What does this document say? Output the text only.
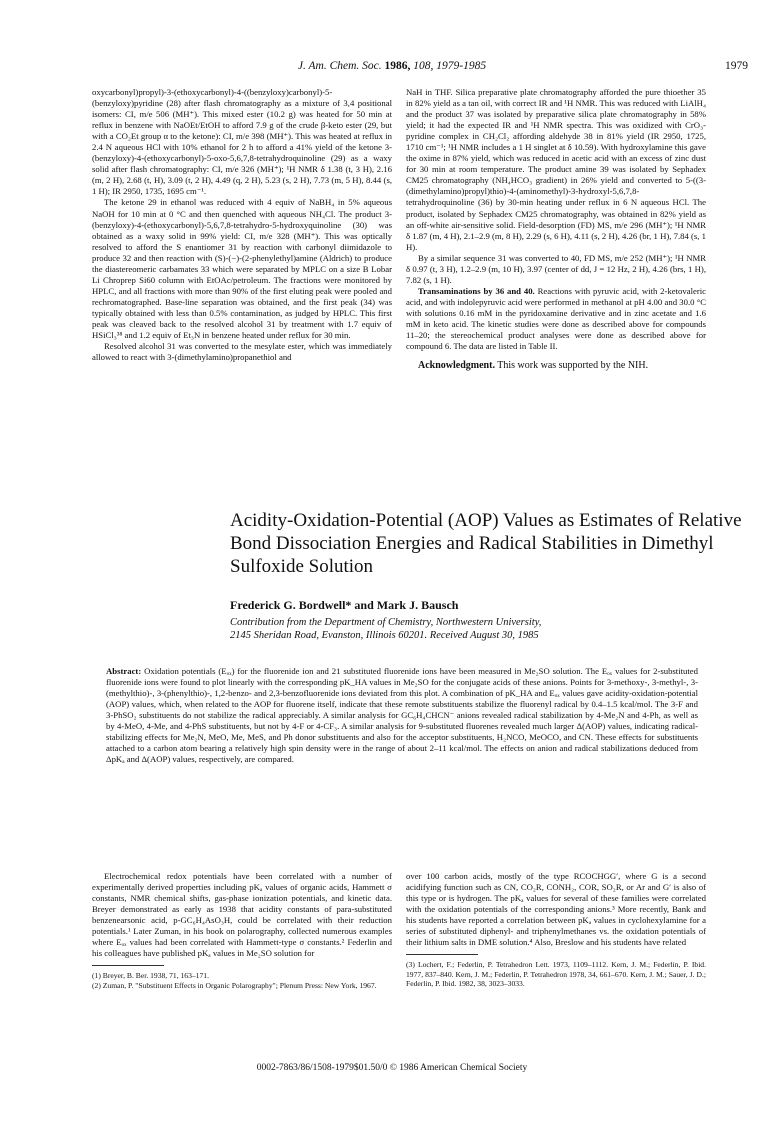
J. Am. Chem. Soc. 1986, 108, 1979-1985	1979

oxycarbonyl)propyl)-3-(ethoxycarbonyl)-4-((benzyloxy)carbonyl)-5-(benzyloxy)pyridine (28) after flash chromatography as a mixture of 3,4 positional isomers: CI, m/e 506 (MH⁺). This mixed ester (10.2 g) was heated for 50 min at reflux in benzene with NaOEt/EtOH to afford 7.9 g of the crude β-keto ester (29, but with a CO₂Et group α to the ketone): CI, m/e 398 (MH⁺). This was heated at reflux in 2.4 N aqueous HCl with 10% ethanol for 2 h to afford a 41% yield of the ketone 3-(benzyloxy)-4-(ethoxycarbonyl)-5-oxo-5,6,7,8-tetrahydroquinoline (29) as a waxy solid after flash chromatography: CI, m/e 326 (MH⁺); ¹H NMR δ 1.38 (t, 3 H), 2.16 (m, 2 H), 2.68 (t, H), 3.09 (t, 2 H), 4.49 (q, 2 H), 5.23 (s, 2 H), 7.73 (m, 5 H), 8.44 (s, 1 H); IR 2950, 1735, 1695 cm⁻¹.

The ketone 29 in ethanol was reduced with 4 equiv of NaBH₄ in 5% aqueous NaOH for 10 min at 0 °C and then quenched with aqueous NH₄Cl. The product 3-(benzyloxy)-4-(ethoxycarbonyl)-5,6,7,8-tetrahydro-5-hydroxyquinoline (30) was obtained as a waxy solid in 99% yield: CI, m/e 328 (MH⁺). This was optically resolved to afford the S enantiomer 31 by reaction with carbonyl diimidazole to produce 32 and then reaction with (S)-(−)-(2-phenylethyl)amine (Aldrich) to produce the diastereomeric carbamates 33 which were separated by MPLC on a size B Lobar Li Chroprep Si60 column with EtOAc/petroleum. The fractions were monitored by HPLC, and all fractions with more than 90% of the first eluting peak were pooled and rechromatographed. Base-line separation was obtained, and the first peak (34) was typically obtained with less than 0.5% contamination, as judged by HPLC. This first peak was cleaved back to the resolved alcohol 31 by treatment with 1.7 equiv of HSiCl₃³⁸ and 1.2 equiv of Et₃N in benzene heated under reflux for 30 min.

Resolved alcohol 31 was converted to the mesylate ester, which was immediately allowed to react with 3-(dimethylamino)propanethiol and

NaH in THF. Silica preparative plate chromatography afforded the pure thioether 35 in 82% yield as a tan oil, with correct IR and ¹H NMR. This was reduced with LiAlH₄ and the product 37 was isolated by preparative silica plate chromatography in 58% yield; it had the expected IR and ¹H NMR spectra. This was oxidized with CrO₃-pyridine complex in CH₂Cl₂ affording aldehyde 38 in 81% yield (IR 2950, 1725, 1710 cm⁻¹; ¹H NMR includes a 1 H singlet at δ 10.59). With hydroxylamine this gave the oxime in 87% yield, which was reduced in acetic acid with an excess of zinc dust for 30 min at room temperature. The product amine 39 was isolated by Sephadex CM25 chromatography (NH₄HCO₃ gradient) in 26% yield and converted to 5-((3-(dimethylamino)propyl)thio)-4-(aminomethyl)-3-hydroxyl-5,6,7,8-tetrahydroquinoline (36) by 30-min heating under reflux in 6 N aqueous HCl. The product, isolated by Sephadex CM25 chromatography, was obtained in 82% yield as an off-white air-sensitive solid. Field-desorption (FD) MS, m/e 296 (MH⁺); ¹H NMR δ 1.87 (m, 4 H), 2.1–2.9 (m, 8 H), 2.29 (s, 6 H), 4.11 (s, 2 H), 4.26 (br, 1 H), 7.84 (s, 1 H).

By a similar sequence 31 was converted to 40, FD MS, m/e 252 (MH⁺); ¹H NMR δ 0.97 (t, 3 H), 1.2–2.9 (m, 10 H), 3.97 (center of dd, J = 12 Hz, 2 H), 4.26 (brs, 1 H), 7.82 (s, 1 H).

Transaminations by 36 and 40. Reactions with pyruvic acid, with 2-ketovaleric acid, and with indolepyruvic acid were performed in methanol at pH 4.00 and 30.0 °C with solutions 0.16 mM in the pyridoxamine derivative and in zinc acetate and 1.6 mM in keto acid. The kinetic studies were done as described above for compounds 11–20; the stereochemical product analyses were done as described above for compound 6. The data are listed in Table II.

Acknowledgment. This work was supported by the NIH.

Acidity-Oxidation-Potential (AOP) Values as Estimates of Relative Bond Dissociation Energies and Radical Stabilities in Dimethyl Sulfoxide Solution
Frederick G. Bordwell* and Mark J. Bausch
Contribution from the Department of Chemistry, Northwestern University,
2145 Sheridan Road, Evanston, Illinois 60201. Received August 30, 1985
Abstract: Oxidation potentials (Eₒₓ) for the fluorenide ion and 21 substituted fluorenide ions have been measured in Me₂SO solution. The Eₒₓ values for 2-substituted fluorenide ions were found to plot linearly with the corresponding pK_HA values in Me₂SO for the conjugate acids of these anions. Points for 3-methoxy-, 3-methyl-, 3-(methylthio)-, 3-(phenylthio)-, 1,2-benzo- and 2,3-benzofluorenide ions deviated from this plot. A combination of pK_HA and Eₒₓ values gave acidity-oxidation-potential (AOP) values, which, when related to the AOP for fluorene itself, indicate that these remote substituents stabilize the fluorenyl radical by 0.4–1.5 kcal/mol. The 3-F and 3-PhSO₂ substituents do not stabilize the radical appreciably. A similar analysis for GC₆H₄CHCN⁻ anions revealed radical stabilization by 4-Me₂N and 4-Ph, as well as by 4-MeO, 4-Me, and 4-PhS substituents, but not by 4-F or 4-CF₃. A similar analysis for 9-substituted fluorenes revealed much larger Δ(AOP) values, indicating radical-stabilizing effects for Me₂N, MeO, Me, MeS, and Ph donor substituents and also for the acceptor substituents, H₂NCO, MeOCO, and CN. These effects for substituents attached to a carbon atom bearing a relatively high spin density were in the range of about 2–11 kcal/mol. The effects on anion and radical stabilizations deduced from ΔpKₐ and Δ(AOP) values, respectively, are compared.

Electrochemical redox potentials have been correlated with a number of experimentally derived properties including pKₐ values of organic acids, Hammett σ constants, NMR chemical shifts, gas-phase ionization potentials, and kinetic data. Breyer demonstrated as early as 1938 that acidity constants of para-substituted benzenearsonic acid, p-GC₆H₄AsO₃H, could be correlated with their reduction potentials.¹ Later Zuman, in his book on polarography, collected numerous examples where Eₒₓ values had been correlated with Hammett-type σ constants.² Federlin and his colleagues have published pKₐ values in Me₂SO solution for

(1) Breyer, B. Ber. 1938, 71, 163–171.

(2) Zuman, P. "Substituent Effects in Organic Polarography"; Plenum Press: New York, 1967.

over 100 carbon acids, mostly of the type RCOCHGG′, where G is a second acidifying function such as CN, CO₂R, CONH₂, COR, SO₂R, or Ar and G′ is also of this type or is hydrogen. The pKₐ values for several of these families were correlated with the oxidation potentials of the corresponding anions.³ More recently, Bank and his students have reported a correlation between pKₐ values in cyclohexylamine for a series of substituted diphenyl- and triphenylmethanes vs. the oxidation potentials of their lithium salts in DME solution.⁴ Also, Breslow and his students have related

(3) Lochert, F.; Federlin, P. Tetrahedron Lett. 1973, 1109–1112. Kern, J. M.; Federlin, P. Ibid. 1977, 837–840. Kern, J. M.; Federlin, P. Tetrahedron 1978, 34, 661–670. Kern, J. M.; Sauer, J. D.; Federlin, P. Ibid. 1982, 38, 3023–3033.

0002-7863/86/1508-1979$01.50/0 © 1986 American Chemical Society
